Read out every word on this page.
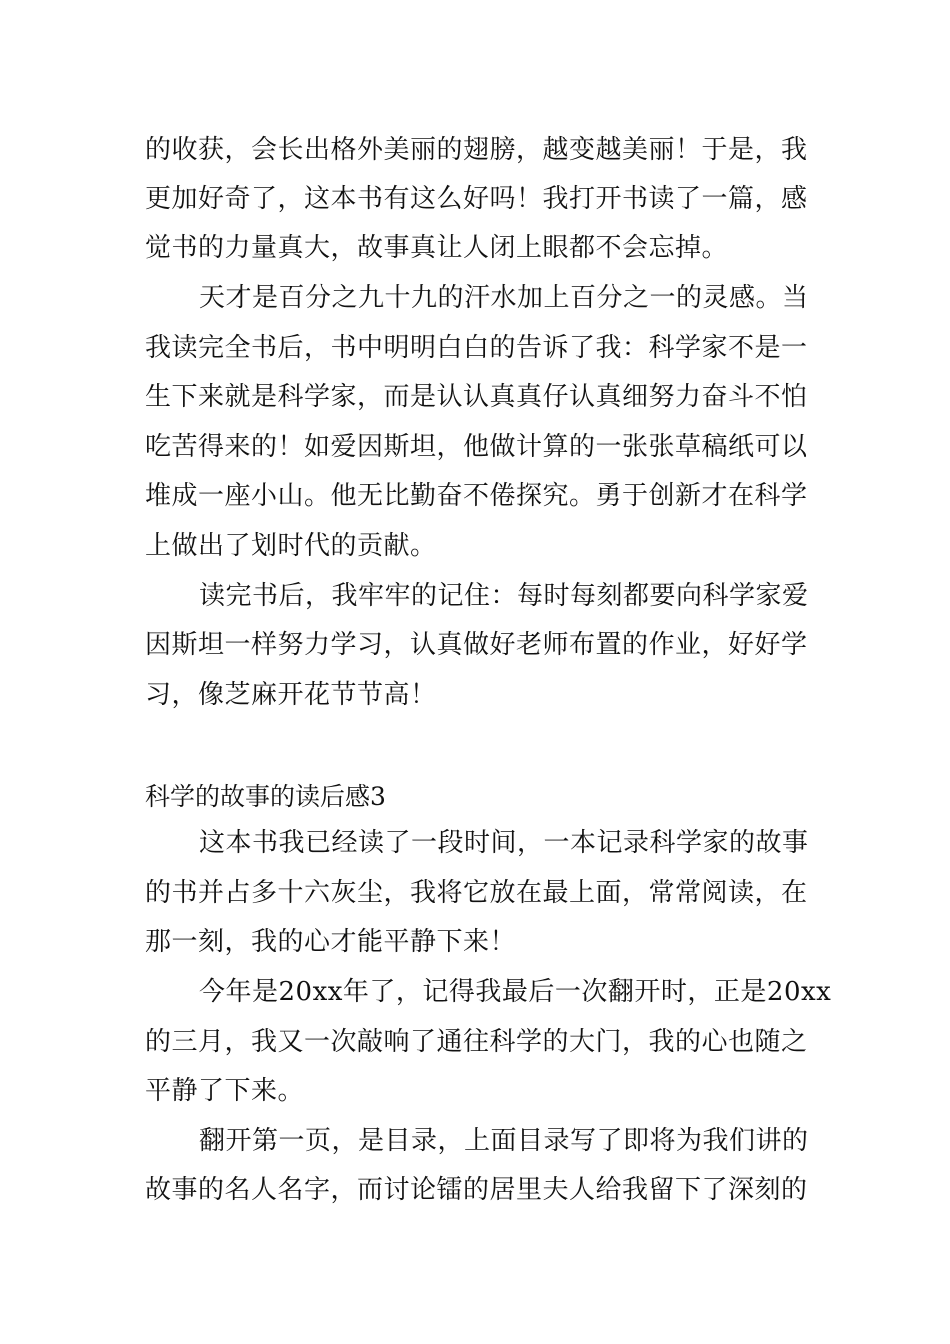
的收获，会长出格外美丽的翅膀，越变越美丽！于是，我
更加好奇了，这本书有这么好吗！我打开书读了一篇，感
觉书的力量真大，故事真让人闭上眼都不会忘掉。
天才是百分之九十九的汗水加上百分之一的灵感。当
我读完全书后，书中明明白白的告诉了我：科学家不是一
生下来就是科学家，而是认认真真仔认真细努力奋斗不怕
吃苦得来的！如爱因斯坦，他做计算的一张张草稿纸可以
堆成一座小山。他无比勤奋不倦探究。勇于创新才在科学
上做出了划时代的贡献。
读完书后，我牢牢的记住：每时每刻都要向科学家爱
因斯坦一样努力学习，认真做好老师布置的作业，好好学
习，像芝麻开花节节高！
科学的故事的读后感3
这本书我已经读了一段时间，一本记录科学家的故事
的书并占多十六灰尘，我将它放在最上面，常常阅读，在
那一刻，我的心才能平静下来！
今年是20xx年了，记得我最后一次翻开时，正是20xx
的三月，我又一次敲响了通往科学的大门，我的心也随之
平静了下来。
翻开第一页，是目录，上面目录写了即将为我们讲的
故事的名人名字，而讨论镭的居里夫人给我留下了深刻的
